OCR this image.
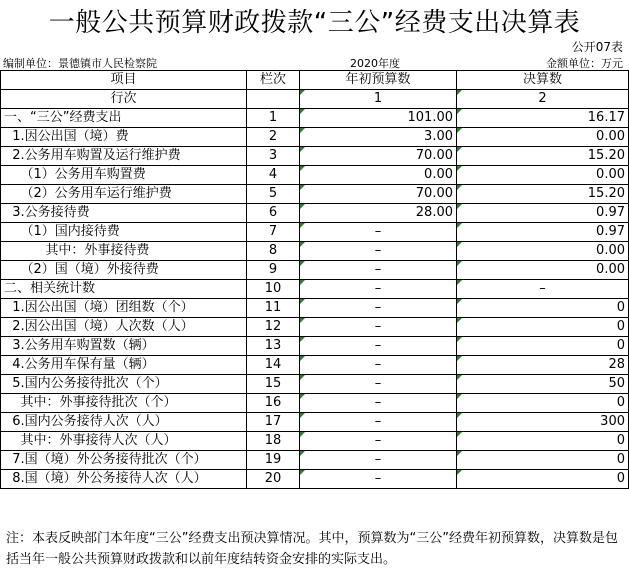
一般公共预算财政拨款“三公”经费支出决算表
公开07表
编制单位：景德镇市人民检察院	2020年度	金额单位：万元
项目	栏次	年初预算数	决算数
行次		1	2
一、“三公”经费支出	1	101.00	16.17
1.因公出国（境）费	2	3.00	0.00
2.公务用车购置及运行维护费	3	70.00	15.20
（1）公务用车购置费	4	0.00	0.00
（2）公务用车运行维护费	5	70.00	15.20
3.公务接待费	6	28.00	0.97
（1）国内接待费	7	–	0.97
其中：外事接待费	8	–	0.00
（2）国（境）外接待费	9	–	0.00
二、相关统计数	10	–	–
1.因公出国（境）团组数（个）	11	–	0
2.因公出国（境）人次数（人）	12	–	0
3.公务用车购置数（辆）	13	–	0
4.公务用车保有量（辆）	14	–	28
5.国内公务接待批次（个）	15	–	50
其中：外事接待批次（个）	16	–	0
6.国内公务接待人次（人）	17	–	300
其中：外事接待人次（人）	18	–	0
7.国（境）外公务接待批次（个）	19	–	0
8.国（境）外公务接待人次（人）	20	–	0
注：本表反映部门本年度“三公”经费支出预决算情况。其中，预算数为“三公”经费年初预算数，决算数是包括当年一般公共预算财政拨款和以前年度结转资金安排的实际支出。
